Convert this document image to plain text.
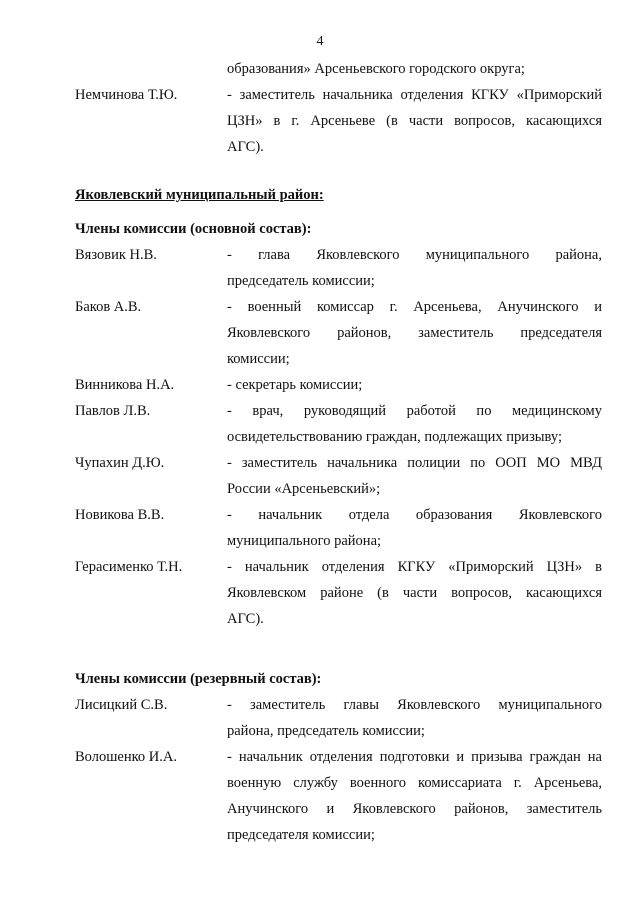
4
образования» Арсеньевского городского округа;
Немчинова Т.Ю.	- заместитель начальника отделения КГКУ «Приморский
ЦЗН» в г. Арсеньеве (в части вопросов, касающихся
АГС).
Яковлевский муниципальный район:
Члены комиссии (основной состав):
Вязовик Н.В.	- глава Яковлевского муниципального района,
председатель комиссии;
Баков А.В.	- военный комиссар г. Арсеньева, Анучинского и
Яковлевского районов, заместитель председателя
комиссии;
Винникова Н.А.	- секретарь комиссии;
Павлов Л.В.	- врач, руководящий работой по медицинскому
освидетельствованию граждан, подлежащих призыву;
Чупахин Д.Ю.	- заместитель начальника полиции по ООП МО МВД
России «Арсеньевский»;
Новикова В.В.	- начальник отдела образования Яковлевского
муниципального района;
Герасименко Т.Н.	- начальник отделения КГКУ «Приморский ЦЗН» в
Яковлевском районе (в части вопросов, касающихся
АГС).
Члены комиссии (резервный состав):
Лисицкий С.В.	- заместитель главы Яковлевского муниципального
района, председатель комиссии;
Волошенко И.А.	- начальник отделения подготовки и призыва граждан на
военную службу военного комиссариата г. Арсеньева,
Анучинского и Яковлевского районов, заместитель
председателя комиссии;
